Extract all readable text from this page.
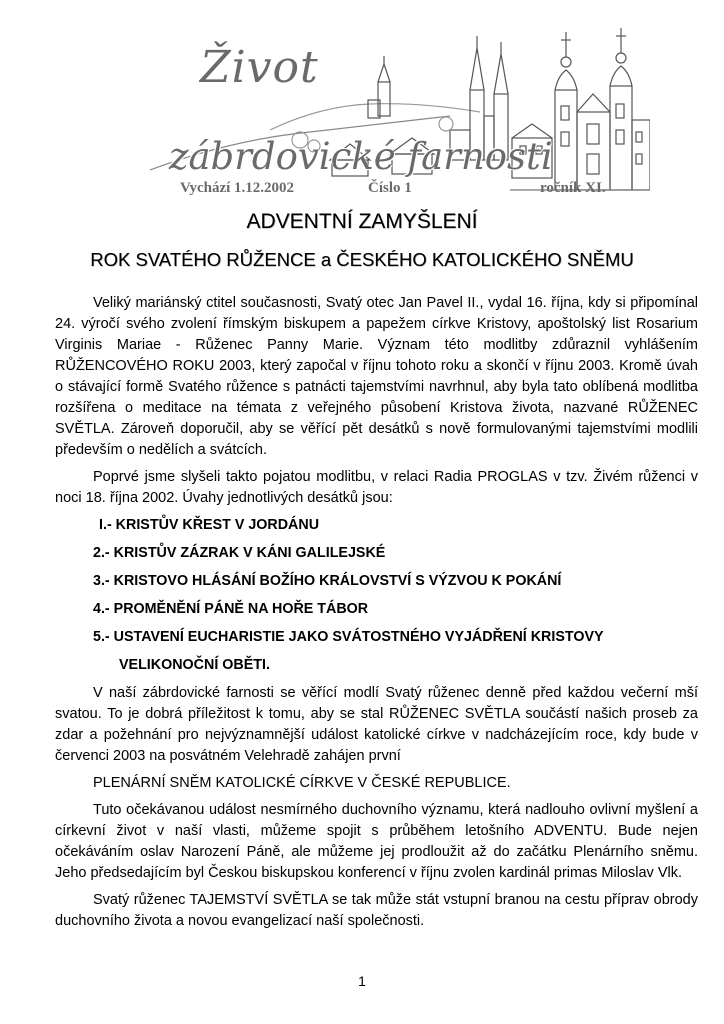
Život
zábrdovické farnosti
Vychází 1.12.2002	Číslo 1	ročník XI.
ADVENTNÍ ZAMYŠLENÍ
ROK SVATÉHO RŮŽENCE a ČESKÉHO KATOLICKÉHO SNĚMU

Veliký mariánský ctitel současnosti, Svatý otec Jan Pavel II., vydal 16. října, kdy si připomínal 24. výročí svého zvolení římským biskupem a papežem církve Kristovy, apoštolský list Rosarium Virginis Mariae - Růženec Panny Marie. Význam této modlitby zdůraznil vyhlášením RŮŽENCOVÉHO ROKU 2003, který započal v říjnu tohoto roku a skončí v říjnu 2003. Kromě úvah o stávající formě Svatého růžence s patnácti tajemstvími navrhnul, aby byla tato oblíbená modlitba rozšířena o meditace na témata z veřejného působení Kristova života, nazvané RŮŽENEC SVĚTLA. Zároveň doporučil, aby se věřící pět desátků s nově formulovanými tajemstvími modlili především o nedělích a svátcích.

Poprvé jsme slyšeli takto pojatou modlitbu, v relaci Radia PROGLAS v tzv. Živém růženci v noci 18. října 2002. Úvahy jednotlivých desátků jsou:

I.- KRISTŮV KŘEST V JORDÁNU
2.- KRISTŮV ZÁZRAK V KÁNI GALILEJSKÉ
3.- KRISTOVO HLÁSÁNÍ BOŽÍHO KRÁLOVSTVÍ S VÝZVOU K POKÁNÍ
4.- PROMĚNĚNÍ PÁNĚ NA HOŘE TÁBOR
5.- USTAVENÍ EUCHARISTIE JAKO SVÁTOSTNÉHO VYJÁDŘENÍ KRISTOVY
VELIKONOČNÍ OBĚTI.

V naší zábrdovické farnosti se věřící modlí Svatý růženec denně před každou večerní mší svatou. To je dobrá příležitost k tomu, aby se stal RŮŽENEC SVĚTLA součástí našich proseb za zdar a požehnání pro nejvýznamnější událost katolické církve v nadcházejícím roce, kdy bude v červenci 2003 na posvátném Velehradě zahájen první

PLENÁRNÍ SNĚM KATOLICKÉ CÍRKVE V ČESKÉ REPUBLICE.

Tuto očekávanou událost nesmírného duchovního významu, která nadlouho ovlivní myšlení a církevní život v naší vlasti, můžeme spojit s průběhem letošního ADVENTU. Bude nejen očekáváním oslav Narození Páně, ale můžeme jej prodloužit až do začátku Plenárního sněmu. Jeho předsedajícím byl Českou biskupskou konferencí v říjnu zvolen kardinál primas Miloslav Vlk.

Svatý růženec TAJEMSTVÍ SVĚTLA se tak může stát vstupní branou na cestu příprav obrody duchovního života a novou evangelizací naší společnosti.

1
